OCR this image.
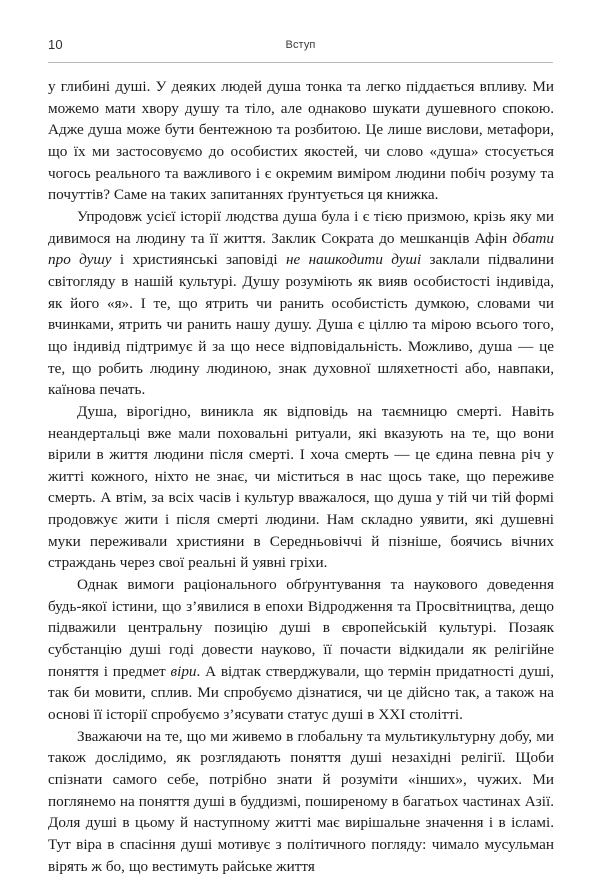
10	Вступ

у глибині душі. У деяких людей душа тонка та легко піддається впливу. Ми можемо мати хвору душу та тіло, але однаково шукати душевного спокою. Адже душа може бути бентежною та розбитою. Це лише вислови, метафори, що їх ми застосовуємо до особистих якостей, чи слово «душа» стосується чогось реального та важливого і є окремим виміром людини побіч розуму та почуттів? Саме на таких запитаннях ґрунтується ця книжка.

Упродовж усієї історії людства душа була і є тією призмою, крізь яку ми дивимося на людину та її життя. Заклик Сократа до мешканців Афін дбати про душу і християнські заповіді не нашкодити душі заклали підвалини світогляду в нашій культурі. Душу розуміють як вияв особистості індивіда, як його «я». І те, що ятрить чи ранить особистість думкою, словами чи вчинками, ятрить чи ранить нашу душу. Душа є ціллю та мірою всього того, що індивід підтримує й за що несе відповідальність. Можливо, душа — це те, що робить людину людиною, знак духовної шляхетності або, навпаки, каїнова печать.

Душа, вірогідно, виникла як відповідь на таємницю смерті. Навіть неандертальці вже мали поховальні ритуали, які вказують на те, що вони вірили в життя людини після смерті. І хоча смерть — це єдина певна річ у житті кожного, ніхто не знає, чи міститься в нас щось таке, що переживе смерть. А втім, за всіх часів і культур вважалося, що душа у тій чи тій формі продовжує жити і після смерті людини. Нам складно уявити, які душевні муки переживали християни в Середньовіччі й пізніше, боячись вічних страждань через свої реальні й уявні гріхи.

Однак вимоги раціонального обґрунтування та наукового доведення будь-якої істини, що з’явилися в епохи Відродження та Просвітництва, дещо підважили центральну позицію душі в європейській культурі. Позаяк субстанцію душі годі довести науково, її почасти відкидали як релігійне поняття і предмет віри. А відтак стверджували, що термін придатності душі, так би мовити, сплив. Ми спробуємо дізнатися, чи це дійсно так, а також на основі її історії спробуємо з’ясувати статус душі в XXI столітті.

Зважаючи на те, що ми живемо в глобальну та мультикультурну добу, ми також дослідимо, як розглядають поняття душі незахідні релігії. Щоби спізнати самого себе, потрібно знати й розуміти «інших», чужих. Ми поглянемо на поняття душі в буддизмі, поширеному в багатьох частинах Азії. Доля душі в цьому й наступному житті має вирішальне значення і в ісламі. Тут віра в спасіння душі мотивує з політичного погляду: чимало мусульман вірять ж бо, що вестимуть райське життя
